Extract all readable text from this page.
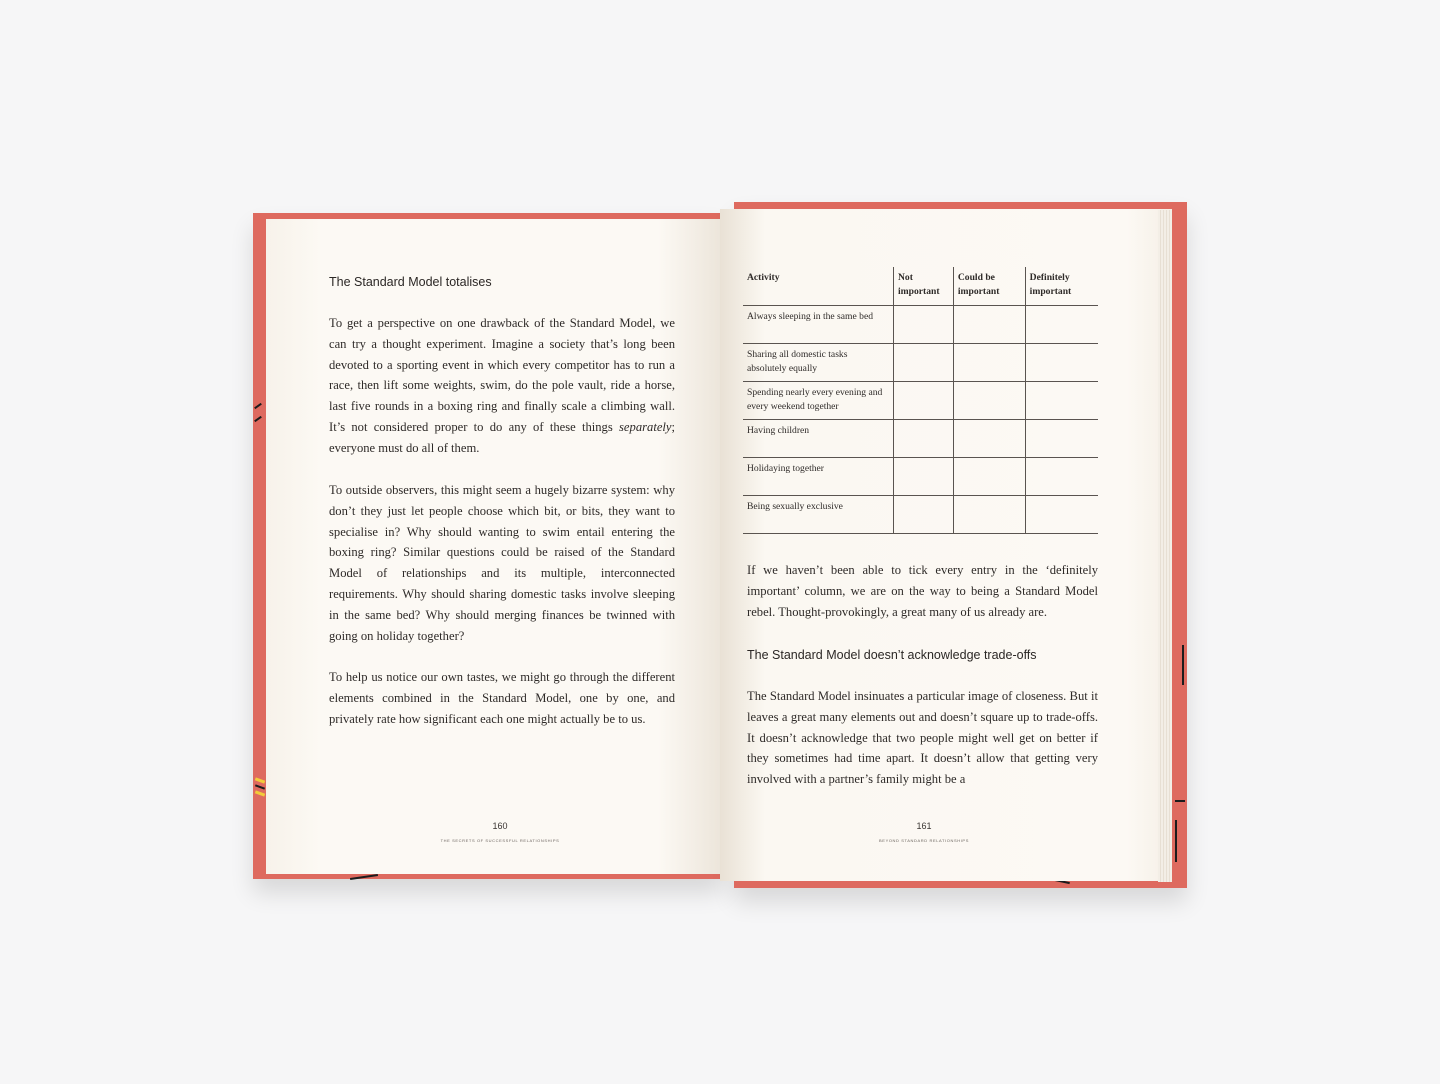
The Standard Model totalises

To get a perspective on one drawback of the Standard Model, we can try a thought experiment. Imagine a society that’s long been devoted to a sporting event in which every competitor has to run a race, then lift some weights, swim, do the pole vault, ride a horse, last five rounds in a boxing ring and finally scale a climbing wall. It’s not considered proper to do any of these things separately; everyone must do all of them.

To outside observers, this might seem a hugely bizarre system: why don’t they just let people choose which bit, or bits, they want to specialise in? Why should wanting to swim entail entering the boxing ring? Similar questions could be raised of the Standard Model of relationships and its multiple, interconnected requirements. Why should sharing domestic tasks involve sleeping in the same bed? Why should merging finances be twinned with going on holiday together?

To help us notice our own tastes, we might go through the different elements combined in the Standard Model, one by one, and privately rate how significant each one might actually be to us.

160
THE SECRETS OF SUCCESSFUL RELATIONSHIPS
Activity	Not important	Could be important	Definitely important
Always sleeping in the same bed			
Sharing all domestic tasks absolutely equally			
Spending nearly every evening and every weekend together			
Having children			
Holidaying together			
Being sexually exclusive			

If we haven’t been able to tick every entry in the ‘definitely important’ column, we are on the way to being a Standard Model rebel. Thought-provokingly, a great many of us already are.

The Standard Model doesn’t acknowledge trade-offs

The Standard Model insinuates a particular image of closeness. But it leaves a great many elements out and doesn’t square up to trade-offs. It doesn’t acknowledge that two people might well get on better if they sometimes had time apart. It doesn’t allow that getting very involved with a partner’s family might be a

161
BEYOND STANDARD RELATIONSHIPS
